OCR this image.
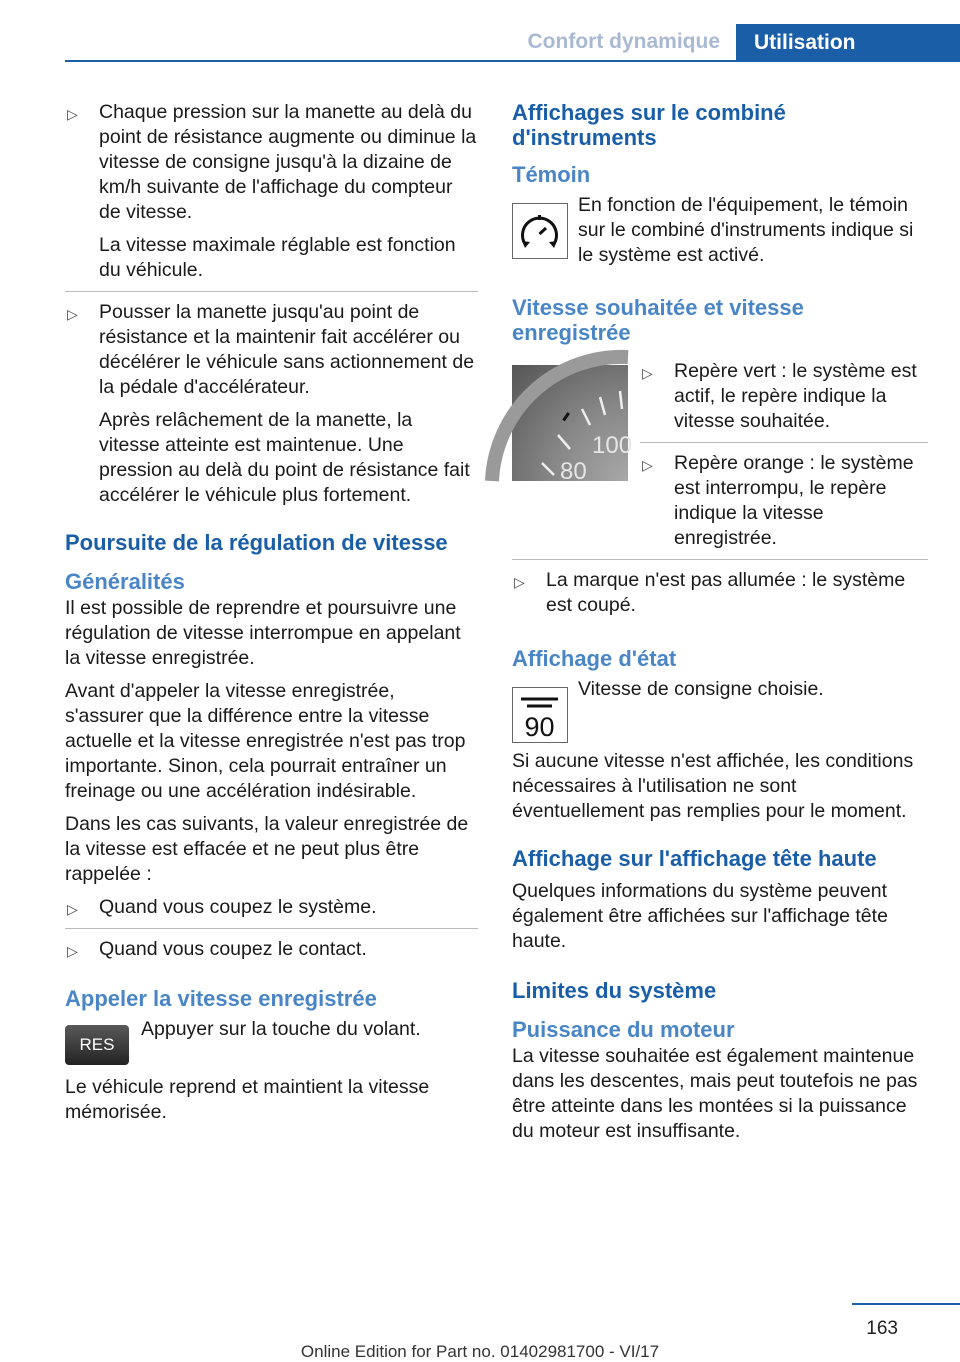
Confort dynamique	Utilisation
▷ Chaque pression sur la manette au delà du point de résistance augmente ou diminue la vitesse de consigne jusqu'à la dizaine de km/h suivante de l'affichage du compteur de vitesse.

La vitesse maximale réglable est fonction du véhicule.

▷ Pousser la manette jusqu'au point de résistance et la maintenir fait accélérer ou décélérer le véhicule sans actionnement de la pédale d'accélérateur.

Après relâchement de la manette, la vitesse atteinte est maintenue. Une pression au delà du point de résistance fait accélérer le véhicule plus fortement.

Poursuite de la régulation de vitesse
Généralités

Il est possible de reprendre et poursuivre une régulation de vitesse interrompue en appelant la vitesse enregistrée.

Avant d'appeler la vitesse enregistrée, s'assurer que la différence entre la vitesse actuelle et la vitesse enregistrée n'est pas trop importante. Sinon, cela pourrait entraîner un freinage ou une accélération indésirable.

Dans les cas suivants, la valeur enregistrée de la vitesse est effacée et ne peut plus être rappelée :

▷ Quand vous coupez le système.

▷ Quand vous coupez le contact.

Appeler la vitesse enregistrée
RES

Appuyer sur la touche du volant.

Le véhicule reprend et maintient la vitesse mémorisée.

Affichages sur le combiné d'instruments
Témoin

En fonction de l'équipement, le témoin sur le combiné d'instruments indique si le système est activé.

Vitesse souhaitée et vitesse enregistrée
100
80
▷ Repère vert : le système est actif, le repère indique la vitesse souhaitée.

▷ Repère orange : le système est interrompu, le repère indique la vitesse enregistrée.

▷ La marque n'est pas allumée : le système est coupé.

Affichage d'état
90

Vitesse de consigne choisie.

Si aucune vitesse n'est affichée, les conditions nécessaires à l'utilisation ne sont éventuellement pas remplies pour le moment.

Affichage sur l'affichage tête haute

Quelques informations du système peuvent également être affichées sur l'affichage tête haute.

Limites du système
Puissance du moteur

La vitesse souhaitée est également maintenue dans les descentes, mais peut toutefois ne pas être atteinte dans les montées si la puissance du moteur est insuffisante.

163
Online Edition for Part no. 01402981700 - VI/17
